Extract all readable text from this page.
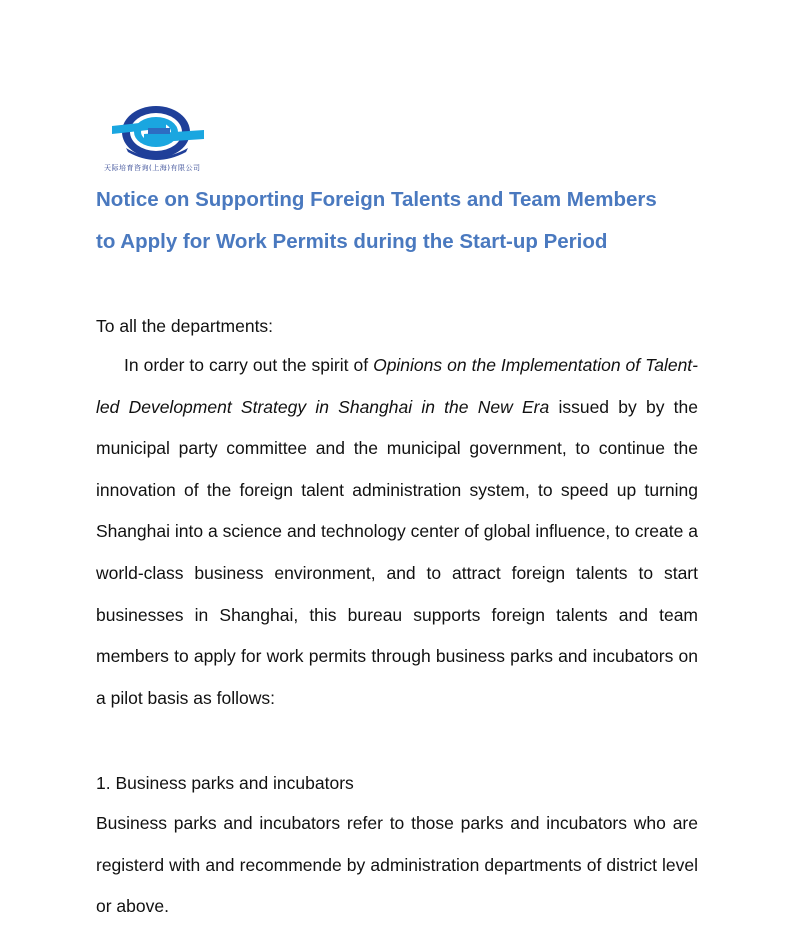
天际培育咨询(上海)有限公司
Notice on Supporting Foreign Talents and Team Members
to Apply for Work Permits during the Start-up Period
To all the departments:
In order to carry out the spirit of Opinions on the Implementation of Talent-led Development Strategy in Shanghai in the New Era issued by by the municipal party committee and the municipal government, to continue the innovation of the foreign talent administration system, to speed up turning Shanghai into a science and technology center of global influence, to create a world-class business environment, and to attract foreign talents to start businesses in Shanghai, this bureau supports foreign talents and team members to apply for work permits through business parks and incubators on a pilot basis as follows:
1. Business parks and incubators
Business parks and incubators refer to those parks and incubators who are registerd with and recommende by administration departments of district level or above.
